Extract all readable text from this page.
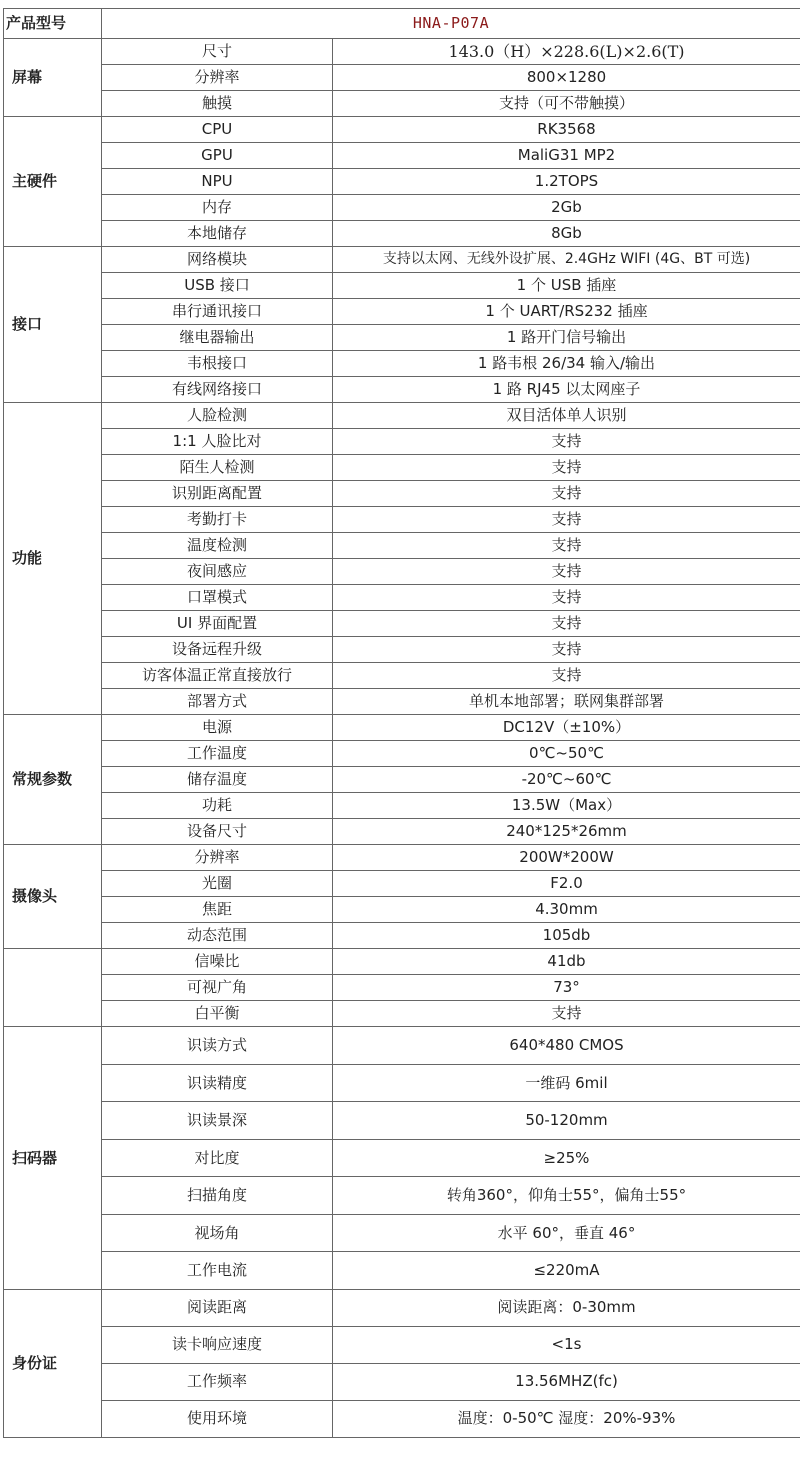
产品型号	HNA-P07A	
屏幕	尺寸	143.0（H）×228.6(L)×2.6(T)
	分辨率	800×1280
	触摸	支持（可不带触摸）
主硬件	CPU	RK3568
	GPU	MaliG31 MP2
	NPU	1.2TOPS
	内存	2Gb
	本地储存	8Gb
接口	网络模块	支持以太网、无线外设扩展、2.4GHz WIFI (4G、BT 可选)
	USB 接口	1 个 USB 插座
	串行通讯接口	1 个 UART/RS232 插座
	继电器输出	1 路开门信号输出
	韦根接口	1 路韦根 26/34 输入/输出
	有线网络接口	1 路 RJ45 以太网座子
功能	人脸检测	双目活体单人识别
	1:1 人脸比对	支持
	陌生人检测	支持
	识别距离配置	支持
	考勤打卡	支持
	温度检测	支持
	夜间感应	支持
	口罩模式	支持
	UI 界面配置	支持
	设备远程升级	支持
	访客体温正常直接放行	支持
	部署方式	单机本地部署；联网集群部署
常规参数	电源	DC12V（±10%）
	工作温度	0℃~50℃
	储存温度	-20℃~60℃
	功耗	13.5W（Max）
	设备尺寸	240*125*26mm
摄像头	分辨率	200W*200W
	光圈	F2.0
	焦距	4.30mm
	动态范围	105db
	信噪比	41db
	可视广角	73°
	白平衡	支持
扫码器	识读方式	640*480 CMOS
	识读精度	一维码 6mil
	识读景深	50-120mm
	对比度	≥25%
	扫描角度	转角360°，仰角士55°，偏角士55°
	视场角	水平 60°，垂直 46°
	工作电流	≤220mA
身份证	阅读距离	阅读距离：0-30mm
	读卡响应速度	<1s
	工作频率	13.56MHZ(fc)
	使用环境	温度：0-50℃ 湿度：20%-93%
